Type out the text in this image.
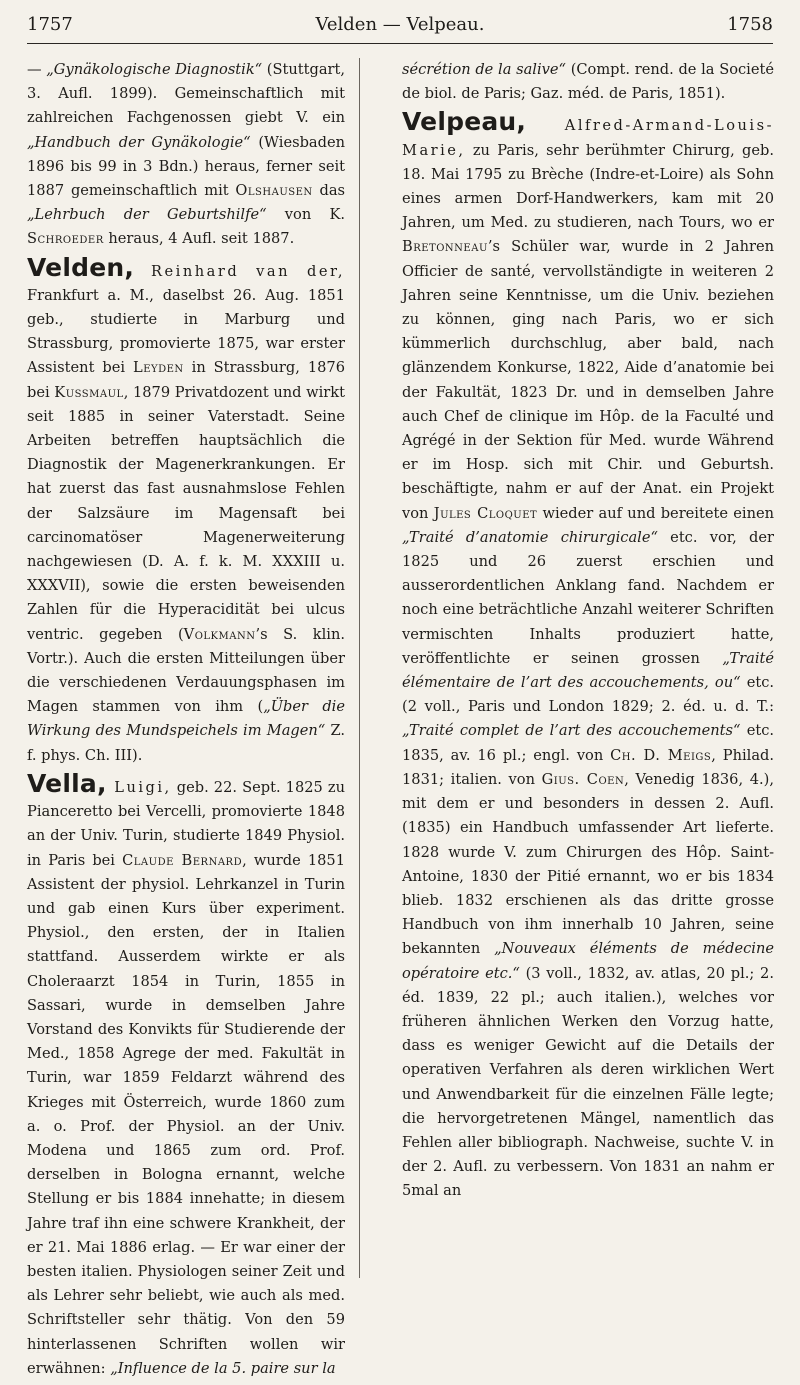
1757	Velden — Velpeau.	1758

— „Gynäkologische Diagnostik“ (Stuttgart, 3. Aufl. 1899). Gemeinschaftlich mit zahlreichen Fachgenossen giebt V. ein „Handbuch der Gynäkologie“ (Wiesbaden 1896 bis 99 in 3 Bdn.) heraus, ferner seit 1887 gemeinschaftlich mit Olshausen das „Lehrbuch der Geburtshilfe“ von K. Schroeder heraus, 4 Aufl. seit 1887.

Velden, Reinhard van der, Frankfurt a. M., daselbst 26. Aug. 1851 geb., studierte in Marburg und Strassburg, promovierte 1875, war erster Assistent bei Leyden in Strassburg, 1876 bei Kussmaul, 1879 Privatdozent und wirkt seit 1885 in seiner Vaterstadt. Seine Arbeiten betreffen hauptsächlich die Diagnostik der Magenerkrankungen. Er hat zuerst das fast ausnahmslose Fehlen der Salzsäure im Magensaft bei carcinomatöser Magenerweiterung nachgewiesen (D. A. f. k. M. XXXIII u. XXXVII), sowie die ersten beweisenden Zahlen für die Hyperacidität bei ulcus ventric. gegeben (Volkmann’s S. klin. Vortr.). Auch die ersten Mitteilungen über die verschiedenen Verdauungsphasen im Magen stammen von ihm („Über die Wirkung des Mundspeichels im Magen“ Z. f. phys. Ch. III).

Vella, Luigi, geb. 22. Sept. 1825 zu Pianceretto bei Vercelli, promovierte 1848 an der Univ. Turin, studierte 1849 Physiol. in Paris bei Claude Bernard, wurde 1851 Assistent der physiol. Lehrkanzel in Turin und gab einen Kurs über experiment. Physiol., den ersten, der in Italien stattfand. Ausserdem wirkte er als Choleraarzt 1854 in Turin, 1855 in Sassari, wurde in demselben Jahre Vorstand des Konvikts für Studierende der Med., 1858 Agrege der med. Fakultät in Turin, war 1859 Feldarzt während des Krieges mit Österreich, wurde 1860 zum a. o. Prof. der Physiol. an der Univ. Modena und 1865 zum ord. Prof. derselben in Bologna ernannt, welche Stellung er bis 1884 innehatte; in diesem Jahre traf ihn eine schwere Krankheit, der er 21. Mai 1886 erlag. — Er war einer der besten italien. Physiologen seiner Zeit und als Lehrer sehr beliebt, wie auch als med. Schriftsteller sehr thätig. Von den 59 hinterlassenen Schriften wollen wir erwähnen: „Influence de la 5. paire sur la

sécrétion de la salive“ (Compt. rend. de la Societé de biol. de Paris; Gaz. méd. de Paris, 1851).

Velpeau, Alfred-Armand-Louis-Marie, zu Paris, sehr berühmter Chirurg, geb. 18. Mai 1795 zu Brèche (Indre-et-Loire) als Sohn eines armen Dorf-Handwerkers, kam mit 20 Jahren, um Med. zu studieren, nach Tours, wo er Bretonneau’s Schüler war, wurde in 2 Jahren Officier de santé, vervollständigte in weiteren 2 Jahren seine Kenntnisse, um die Univ. beziehen zu können, ging nach Paris, wo er sich kümmerlich durchschlug, aber bald, nach glänzendem Konkurse, 1822, Aide d’anatomie bei der Fakultät, 1823 Dr. und in demselben Jahre auch Chef de clinique im Hôp. de la Faculté und Agrégé in der Sektion für Med. wurde Während er im Hosp. sich mit Chir. und Geburtsh. beschäftigte, nahm er auf der Anat. ein Projekt von Jules Cloquet wieder auf und bereitete einen „Traité d’anatomie chirurgicale“ etc. vor, der 1825 und 26 zuerst erschien und ausserordentlichen Anklang fand. Nachdem er noch eine beträchtliche Anzahl weiterer Schriften vermischten Inhalts produziert hatte, veröffentlichte er seinen grossen „Traité élémentaire de l’art des accouchements, ou“ etc. (2 voll., Paris und London 1829; 2. éd. u. d. T.: „Traité complet de l’art des accouchements“ etc. 1835, av. 16 pl.; engl. von Ch. D. Meigs, Philad. 1831; italien. von Gius. Coen, Venedig 1836, 4.), mit dem er und besonders in dessen 2. Aufl. (1835) ein Handbuch umfassender Art lieferte. 1828 wurde V. zum Chirurgen des Hôp. Saint-Antoine, 1830 der Pitié ernannt, wo er bis 1834 blieb. 1832 erschienen als das dritte grosse Handbuch von ihm innerhalb 10 Jahren, seine bekannten „Nouveaux éléments de médecine opératoire etc.“ (3 voll., 1832, av. atlas, 20 pl.; 2. éd. 1839, 22 pl.; auch italien.), welches vor früheren ähnlichen Werken den Vorzug hatte, dass es weniger Gewicht auf die Details der operativen Verfahren als deren wirklichen Wert und Anwendbarkeit für die einzelnen Fälle legte; die hervorgetretenen Mängel, namentlich das Fehlen aller bibliograph. Nachweise, suchte V. in der 2. Aufl. zu verbessern. Von 1831 an nahm er 5mal an
